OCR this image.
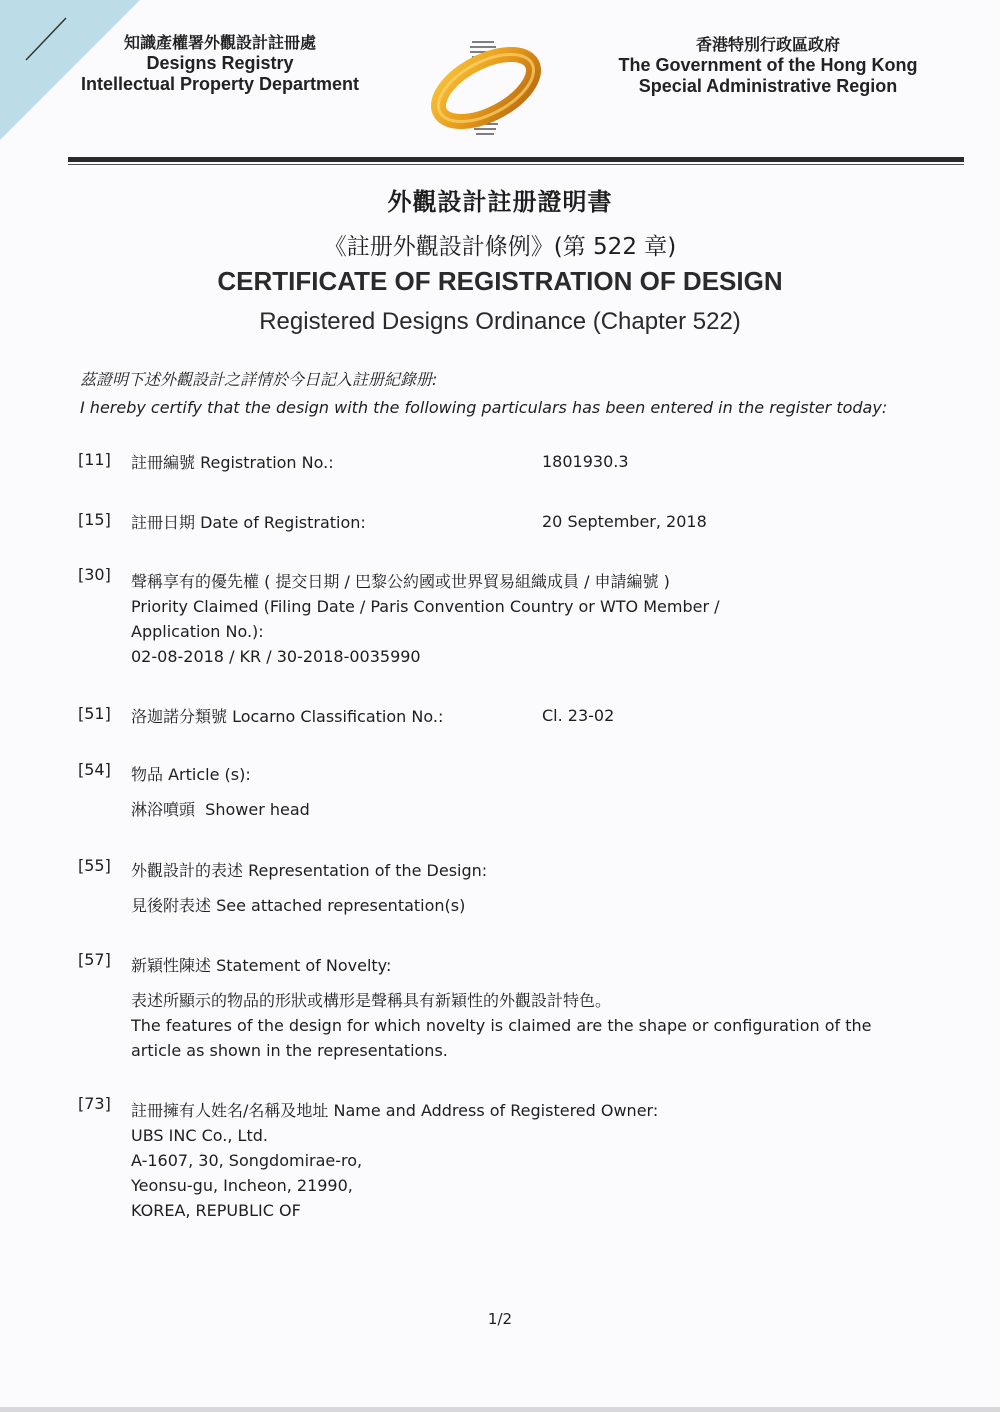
知識產權署外觀設計註冊處
Designs Registry
Intellectual Property Department
香港特別行政區政府
The Government of the Hong Kong
Special Administrative Region
外觀設計註册證明書
《註册外觀設計條例》(第 522 章)
CERTIFICATE OF REGISTRATION OF DESIGN
Registered Designs Ordinance (Chapter 522)
茲證明下述外觀設計之詳情於今日記入註册紀錄册:
I hereby certify that the design with the following particulars has been entered in the register today:
[11] 註冊編號 Registration No.:	1801930.3
[15] 註冊日期 Date of Registration:	20 September, 2018
[30] 聲稱享有的優先權 ( 提交日期 / 巴黎公約國或世界貿易組織成員 / 申請編號 )
Priority Claimed (Filing Date / Paris Convention Country or WTO Member /
Application No.):
02-08-2018 / KR / 30-2018-0035990
[51] 洛迦諾分類號 Locarno Classification No.:	Cl. 23-02
[54] 物品 Article (s):
淋浴噴頭  Shower head
[55] 外觀設計的表述 Representation of the Design:
見後附表述 See attached representation(s)
[57] 新穎性陳述 Statement of Novelty:
表述所顯示的物品的形狀或構形是聲稱具有新穎性的外觀設計特色。
The features of the design for which novelty is claimed are the shape or configuration of the
article as shown in the representations.
[73] 註冊擁有人姓名/名稱及地址 Name and Address of Registered Owner:
UBS INC Co., Ltd.
A-1607, 30, Songdomirae-ro,
Yeonsu-gu, Incheon, 21990,
KOREA, REPUBLIC OF
1/2
